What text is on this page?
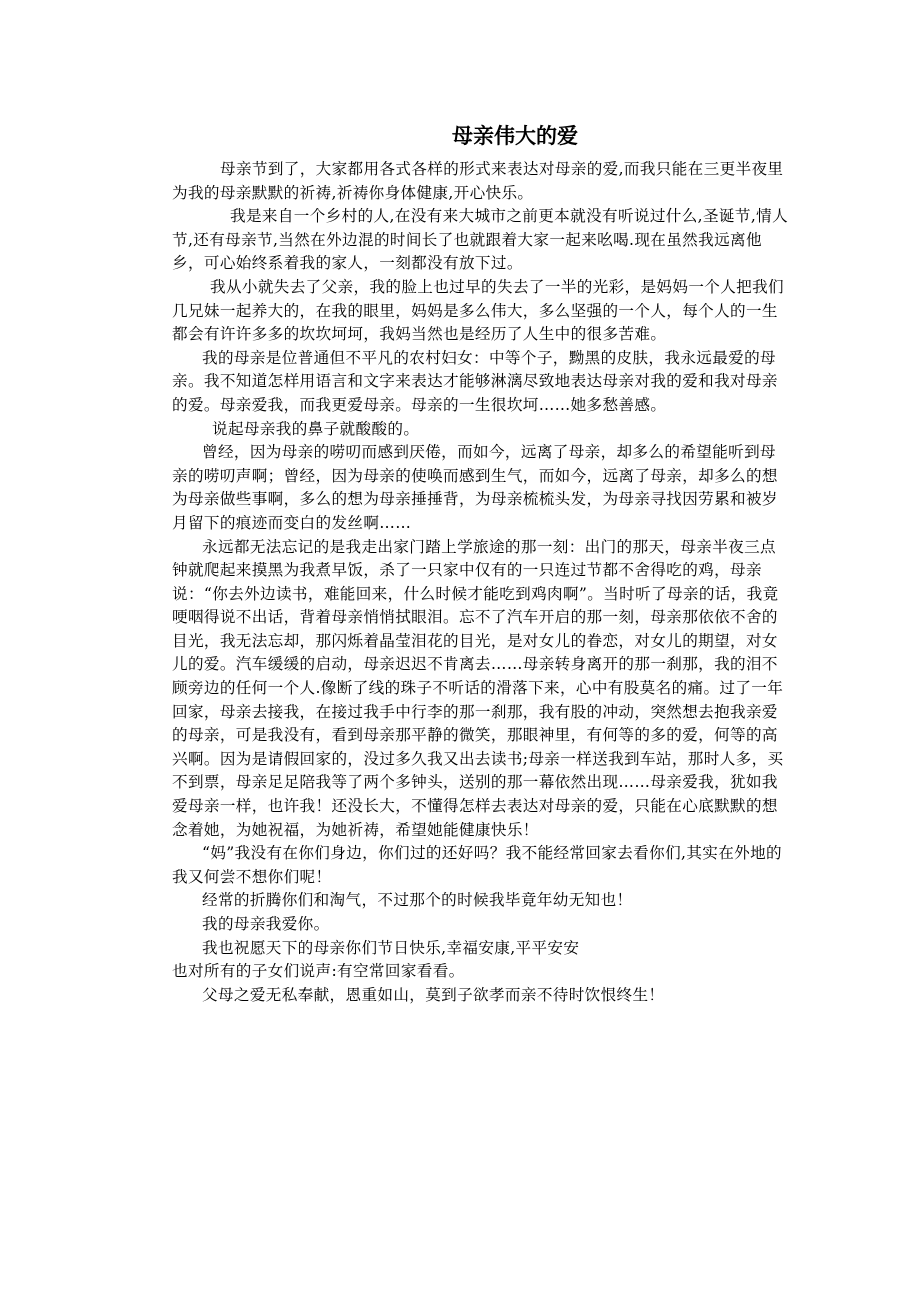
母亲伟大的爱

母亲节到了，大家都用各式各样的形式来表达对母亲的爱,而我只能在三更半夜里为我的母亲默默的祈祷,祈祷你身体健康,开心快乐。

我是来自一个乡村的人,在没有来大城市之前更本就没有听说过什么,圣诞节,情人节,还有母亲节,当然在外边混的时间长了也就跟着大家一起来吆喝.现在虽然我远离他乡，可心始终系着我的家人，一刻都没有放下过。

我从小就失去了父亲，我的脸上也过早的失去了一半的光彩，是妈妈一个人把我们几兄妹一起养大的，在我的眼里，妈妈是多么伟大，多么坚强的一个人，每个人的一生都会有许许多多的坎坎坷坷，我妈当然也是经历了人生中的很多苦难。

我的母亲是位普通但不平凡的农村妇女：中等个子，黝黑的皮肤，我永远最爱的母亲。我不知道怎样用语言和文字来表达才能够淋漓尽致地表达母亲对我的爱和我对母亲的爱。母亲爱我，而我更爱母亲。母亲的一生很坎坷……她多愁善感。

说起母亲我的鼻子就酸酸的。

曾经，因为母亲的唠叨而感到厌倦，而如今，远离了母亲，却多么的希望能听到母亲的唠叨声啊；曾经，因为母亲的使唤而感到生气，而如今，远离了母亲，却多么的想为母亲做些事啊，多么的想为母亲捶捶背，为母亲梳梳头发，为母亲寻找因劳累和被岁月留下的痕迹而变白的发丝啊……

永远都无法忘记的是我走出家门踏上学旅途的那一刻：出门的那天，母亲半夜三点钟就爬起来摸黑为我煮早饭，杀了一只家中仅有的一只连过节都不舍得吃的鸡，母亲说：“你去外边读书，难能回来，什么时候才能吃到鸡肉啊”。当时听了母亲的话，我竟哽咽得说不出话，背着母亲悄悄拭眼泪。忘不了汽车开启的那一刻，母亲那依依不舍的目光，我无法忘却，那闪烁着晶莹泪花的目光，是对女儿的眷恋，对女儿的期望，对女儿的爱。汽车缓缓的启动，母亲迟迟不肯离去……母亲转身离开的那一刹那，我的泪不顾旁边的任何一个人.像断了线的珠子不听话的滑落下来，心中有股莫名的痛。过了一年回家，母亲去接我，在接过我手中行李的那一刹那，我有股的冲动，突然想去抱我亲爱的母亲，可是我没有，看到母亲那平静的微笑，那眼神里，有何等的多的爱，何等的高兴啊。因为是请假回家的，没过多久我又出去读书;母亲一样送我到车站，那时人多，买不到票，母亲足足陪我等了两个多钟头，送别的那一幕依然出现……母亲爱我，犹如我爱母亲一样，也许我！还没长大，不懂得怎样去表达对母亲的爱，只能在心底默默的想念着她，为她祝福，为她祈祷，希望她能健康快乐！

“妈”我没有在你们身边，你们过的还好吗？我不能经常回家去看你们,其实在外地的我又何尝不想你们呢！

经常的折腾你们和淘气，不过那个的时候我毕竟年幼无知也！

我的母亲我爱你。

我也祝愿天下的母亲你们节日快乐,幸福安康,平平安安

也对所有的子女们说声:有空常回家看看。

父母之爱无私奉献，恩重如山，莫到子欲孝而亲不待时饮恨终生！
